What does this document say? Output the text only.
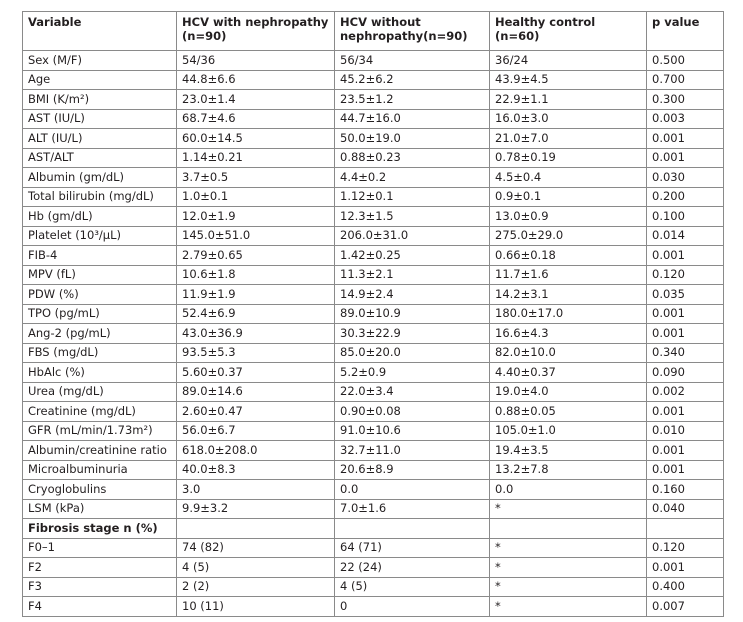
Variable	HCV with nephropathy (n=90)	HCV without nephropathy(n=90)	Healthy control (n=60)	p value
Sex (M/F)	54/36	56/34	36/24	0.500
Age	44.8±6.6	45.2±6.2	43.9±4.5	0.700
BMI (K/m²)	23.0±1.4	23.5±1.2	22.9±1.1	0.300
AST (IU/L)	68.7±4.6	44.7±16.0	16.0±3.0	0.003
ALT (IU/L)	60.0±14.5	50.0±19.0	21.0±7.0	0.001
AST/ALT	1.14±0.21	0.88±0.23	0.78±0.19	0.001
Albumin (gm/dL)	3.7±0.5	4.4±0.2	4.5±0.4	0.030
Total bilirubin (mg/dL)	1.0±0.1	1.12±0.1	0.9±0.1	0.200
Hb (gm/dL)	12.0±1.9	12.3±1.5	13.0±0.9	0.100
Platelet (10³/μL)	145.0±51.0	206.0±31.0	275.0±29.0	0.014
FIB-4	2.79±0.65	1.42±0.25	0.66±0.18	0.001
MPV (fL)	10.6±1.8	11.3±2.1	11.7±1.6	0.120
PDW (%)	11.9±1.9	14.9±2.4	14.2±3.1	0.035
TPO (pg/mL)	52.4±6.9	89.0±10.9	180.0±17.0	0.001
Ang-2 (pg/mL)	43.0±36.9	30.3±22.9	16.6±4.3	0.001
FBS (mg/dL)	93.5±5.3	85.0±20.0	82.0±10.0	0.340
HbAlc (%)	5.60±0.37	5.2±0.9	4.40±0.37	0.090
Urea (mg/dL)	89.0±14.6	22.0±3.4	19.0±4.0	0.002
Creatinine (mg/dL)	2.60±0.47	0.90±0.08	0.88±0.05	0.001
GFR (mL/min/1.73m²)	56.0±6.7	91.0±10.6	105.0±1.0	0.010
Albumin/creatinine ratio	618.0±208.0	32.7±11.0	19.4±3.5	0.001
Microalbuminuria	40.0±8.3	20.6±8.9	13.2±7.8	0.001
Cryoglobulins	3.0	0.0	0.0	0.160
LSM (kPa)	9.9±3.2	7.0±1.6	*	0.040
Fibrosis stage n (%)				
F0–1	74 (82)	64 (71)	*	0.120
F2	4 (5)	22 (24)	*	0.001
F3	2 (2)	4 (5)	*	0.400
F4	10 (11)	0	*	0.007
